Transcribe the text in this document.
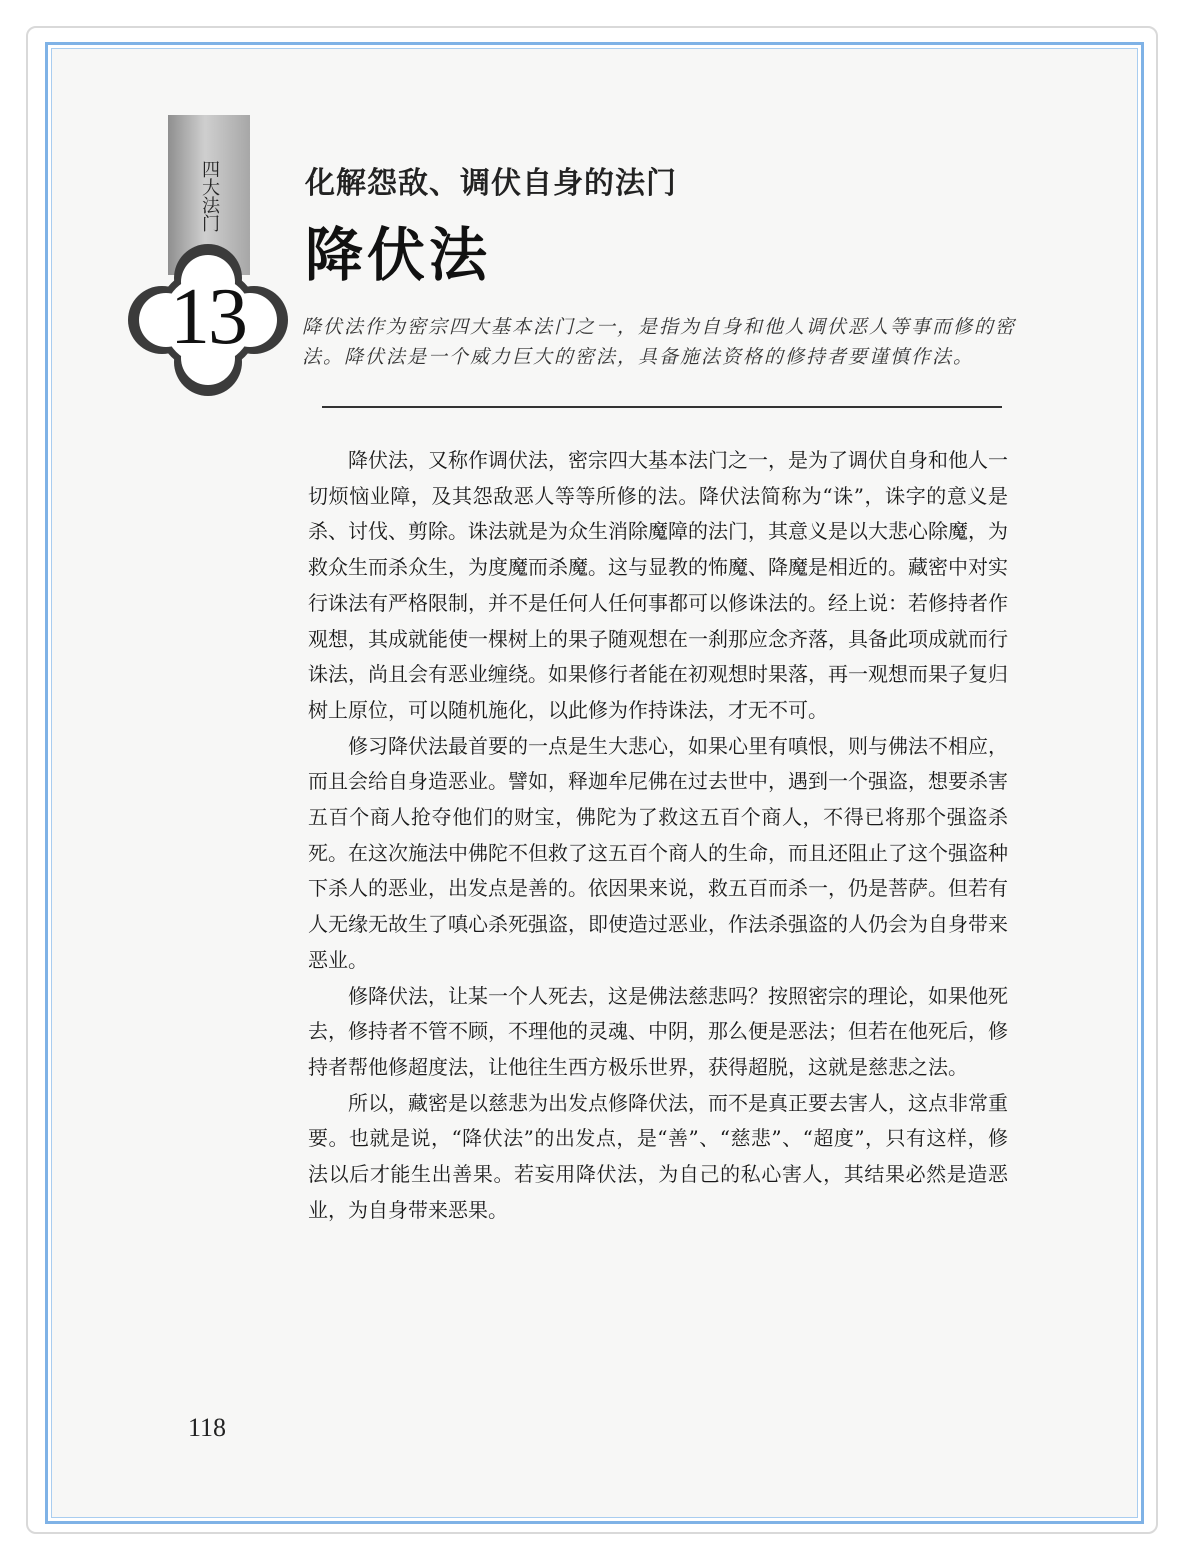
四大法门
13
化解怨敌、调伏自身的法门
降伏法
降伏法作为密宗四大基本法门之一，是指为自身和他人调伏恶人等事而修的密法。降伏法是一个威力巨大的密法，具备施法资格的修持者要谨慎作法。

降伏法，又称作调伏法，密宗四大基本法门之一，是为了调伏自身和他人一切烦恼业障，及其怨敌恶人等等所修的法。降伏法简称为“诛”，诛字的意义是杀、讨伐、剪除。诛法就是为众生消除魔障的法门，其意义是以大悲心除魔，为救众生而杀众生，为度魔而杀魔。这与显教的怖魔、降魔是相近的。藏密中对实行诛法有严格限制，并不是任何人任何事都可以修诛法的。经上说：若修持者作观想，其成就能使一棵树上的果子随观想在一刹那应念齐落，具备此项成就而行诛法，尚且会有恶业缠绕。如果修行者能在初观想时果落，再一观想而果子复归树上原位，可以随机施化，以此修为作持诛法，才无不可。

修习降伏法最首要的一点是生大悲心，如果心里有嗔恨，则与佛法不相应，而且会给自身造恶业。譬如，释迦牟尼佛在过去世中，遇到一个强盗，想要杀害五百个商人抢夺他们的财宝，佛陀为了救这五百个商人，不得已将那个强盗杀死。在这次施法中佛陀不但救了这五百个商人的生命，而且还阻止了这个强盗种下杀人的恶业，出发点是善的。依因果来说，救五百而杀一，仍是菩萨。但若有人无缘无故生了嗔心杀死强盗，即使造过恶业，作法杀强盗的人仍会为自身带来恶业。

修降伏法，让某一个人死去，这是佛法慈悲吗？按照密宗的理论，如果他死去，修持者不管不顾，不理他的灵魂、中阴，那么便是恶法；但若在他死后，修持者帮他修超度法，让他往生西方极乐世界，获得超脱，这就是慈悲之法。

所以，藏密是以慈悲为出发点修降伏法，而不是真正要去害人，这点非常重要。也就是说，“降伏法”的出发点，是“善”、“慈悲”、“超度”，只有这样，修法以后才能生出善果。若妄用降伏法，为自己的私心害人，其结果必然是造恶业，为自身带来恶果。

118
